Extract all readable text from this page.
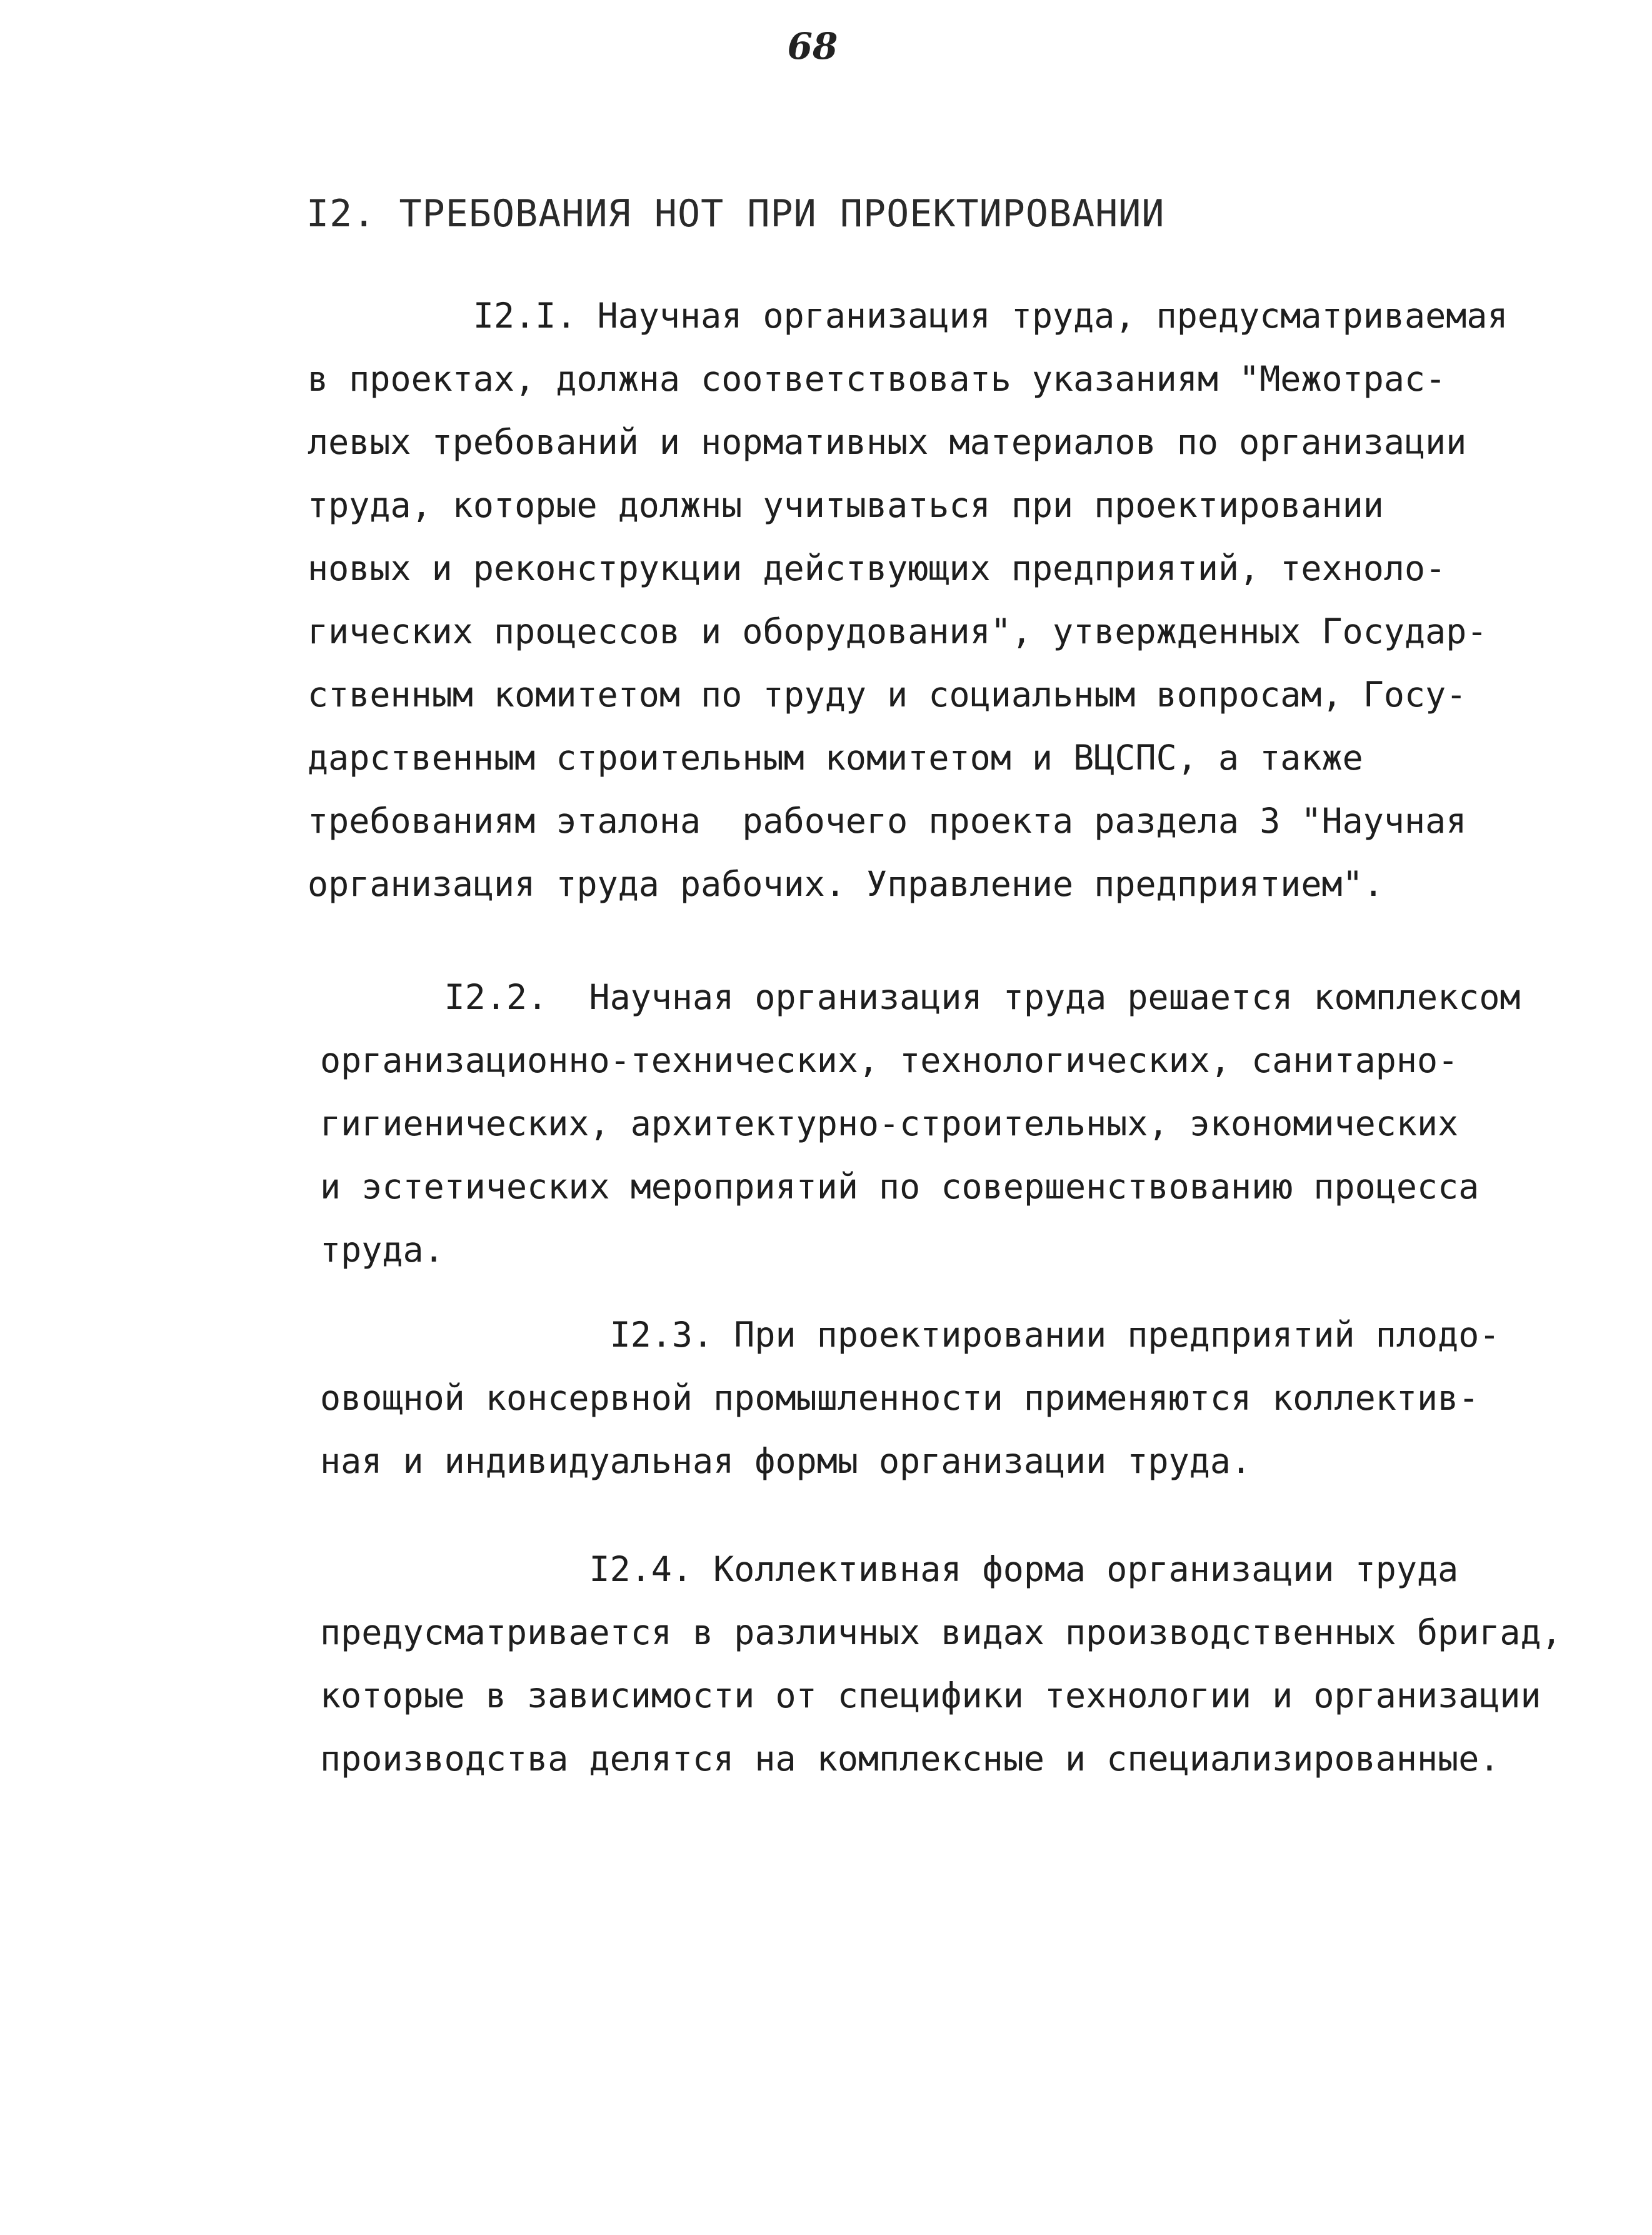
68
I2. ТРЕБОВАНИЯ НОТ ПРИ ПРОЕКТИРОВАНИИ
I2.I. Научная организация труда, предусматриваемая
в проектах, должна соответствовать указаниям "Межотрас-
левых требований и нормативных материалов по организации
труда, которые должны учитываться при проектировании
новых и реконструкции действующих предприятий, техноло-
гических процессов и оборудования", утвержденных Государ-
ственным комитетом по труду и социальным вопросам, Госу-
дарственным строительным комитетом и ВЦСПС, а также
требованиям эталона  рабочего проекта раздела 3 "Научная
организация труда рабочих. Управление предприятием".
I2.2.  Научная организация труда решается комплексом
организационно-технических, технологических, санитарно-
гигиенических, архитектурно-строительных, экономических
и эстетических мероприятий по совершенствованию процесса
труда.
I2.3. При проектировании предприятий плодо-
овощной консервной промышленности применяются коллектив-
ная и индивидуальная формы организации труда.
I2.4. Коллективная форма организации труда
предусматривается в различных видах производственных бригад,
которые в зависимости от специфики технологии и организации
производства делятся на комплексные и специализированные.
